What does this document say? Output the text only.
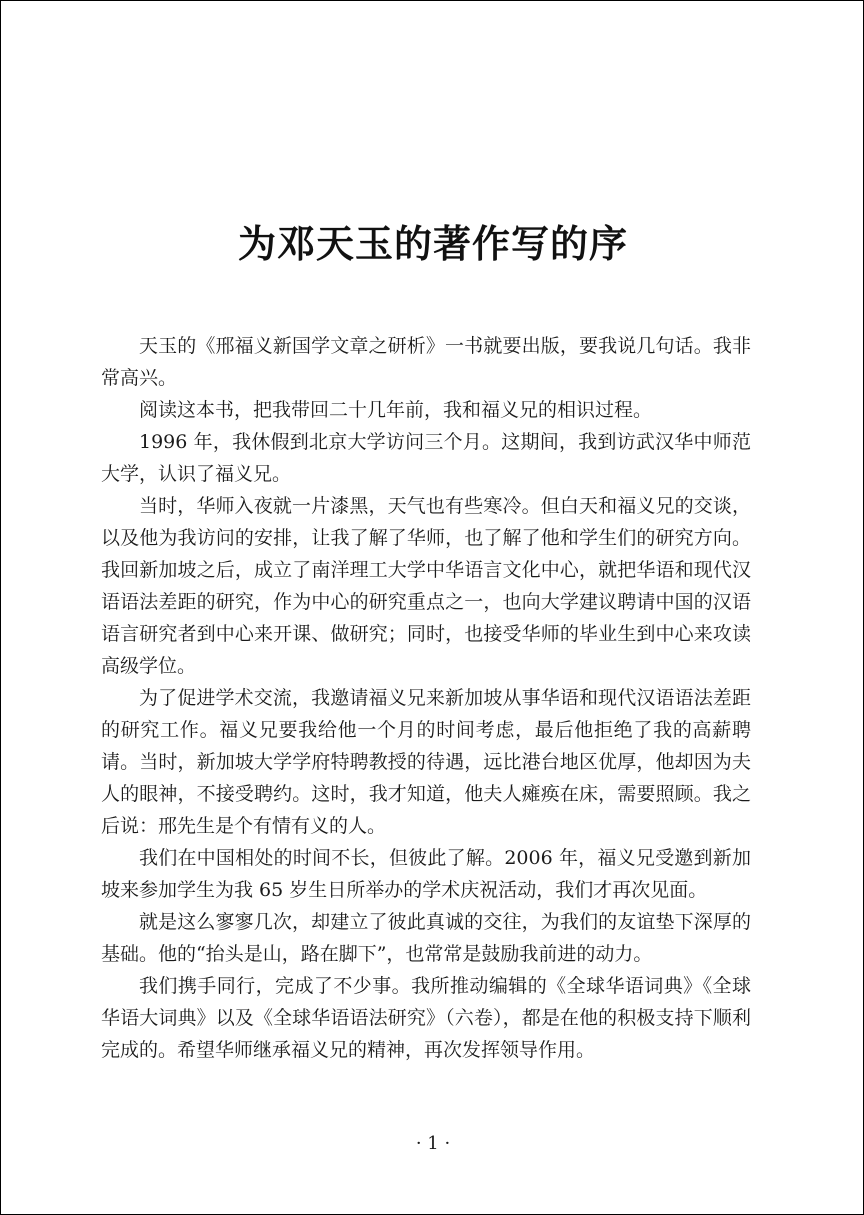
为邓天玉的著作写的序

天玉的《邢福义新国学文章之研析》一书就要出版，要我说几句话。我非常高兴。

阅读这本书，把我带回二十几年前，我和福义兄的相识过程。

1996 年，我休假到北京大学访问三个月。这期间，我到访武汉华中师范大学，认识了福义兄。

当时，华师入夜就一片漆黑，天气也有些寒冷。但白天和福义兄的交谈，以及他为我访问的安排，让我了解了华师，也了解了他和学生们的研究方向。我回新加坡之后，成立了南洋理工大学中华语言文化中心，就把华语和现代汉语语法差距的研究，作为中心的研究重点之一，也向大学建议聘请中国的汉语语言研究者到中心来开课、做研究；同时，也接受华师的毕业生到中心来攻读高级学位。

为了促进学术交流，我邀请福义兄来新加坡从事华语和现代汉语语法差距的研究工作。福义兄要我给他一个月的时间考虑，最后他拒绝了我的高薪聘请。当时，新加坡大学学府特聘教授的待遇，远比港台地区优厚，他却因为夫人的眼神，不接受聘约。这时，我才知道，他夫人瘫痪在床，需要照顾。我之后说：邢先生是个有情有义的人。

我们在中国相处的时间不长，但彼此了解。2006 年，福义兄受邀到新加坡来参加学生为我 65 岁生日所举办的学术庆祝活动，我们才再次见面。

就是这么寥寥几次，却建立了彼此真诚的交往，为我们的友谊垫下深厚的基础。他的“抬头是山，路在脚下”，也常常是鼓励我前进的动力。

我们携手同行，完成了不少事。我所推动编辑的《全球华语词典》《全球华语大词典》以及《全球华语语法研究》（六卷），都是在他的积极支持下顺利完成的。希望华师继承福义兄的精神，再次发挥领导作用。

· 1 ·
